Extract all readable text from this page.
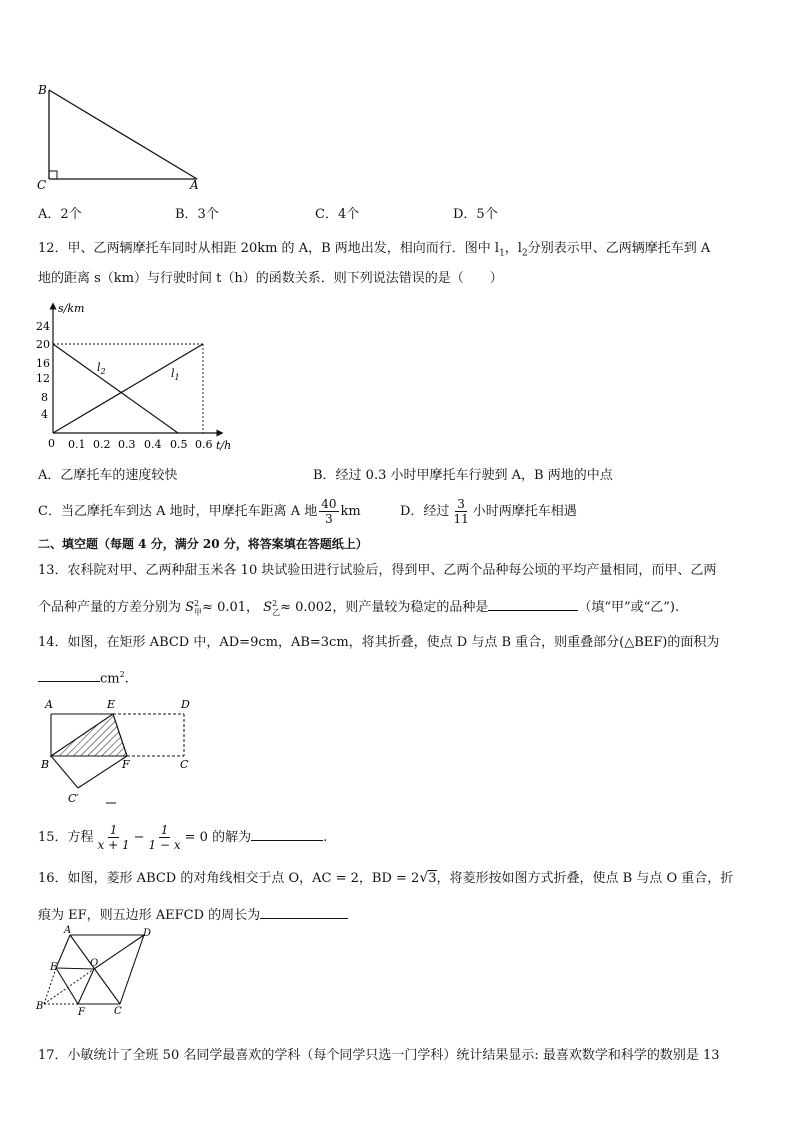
B
C	A
A．2个	B．3个	C．4个	D．5个
12．甲、乙两辆摩托车同时从相距 20km 的 A，B 两地出发，相向而行．图中 $l_1$，$l_2$分别表示甲、乙两辆摩托车到 A
地的距离 s（km）与行驶时间 t（h）的函数关系．则下列说法错误的是（　　）
s/km
t/h
24
20
16
12
8
4
0 0.1 0.2 0.3 0.4 0.5 0.6
$l_2$	$l_1$
A．乙摩托车的速度较快	B．经过 0.3 小时甲摩托车行驶到 A，B 两地的中点
C．当乙摩托车到达 A 地时，甲摩托车距离 A 地 $\frac{40}{3}$ km	D．经过 $\frac{3}{11}$ 小时两摩托车相遇
二、填空题（每题 4 分，满分 20 分，将答案填在答题纸上）
13．农科院对甲、乙两种甜玉米各 10 块试验田进行试验后，得到甲、乙两个品种每公顷的平均产量相同，而甲、乙两
个品种产量的方差分别为 S 2
甲 ≈ 0.01， S 2
乙 ≈ 0.002，则产量较为稳定的品种是	（填“甲”或“乙”).
14．如图，在矩形 ABCD 中，AD=9cm，AB=3cm，将其折叠，使点 D 与点 B 重合，则重叠部分(△BEF)的面积为
$cm^2$.
A	E	D
B	F	C
C′
15．方程 $\frac{1}{x + 1} - \frac{1}{1 - x} = 0$ 的解为	.
16．如图，菱形 ABCD 的对角线相交于点 O，AC = 2，BD = 2√3，将菱形按如图方式折叠，使点 B 与点 O 重合，折
痕为 EF，则五边形 AEFCD 的周长为
A	D
E	O
B
F	C
17．小敏统计了全班 50 名同学最喜欢的学科（每个同学只选一门学科）统计结果显示: 最喜欢数学和科学的数别是 13
